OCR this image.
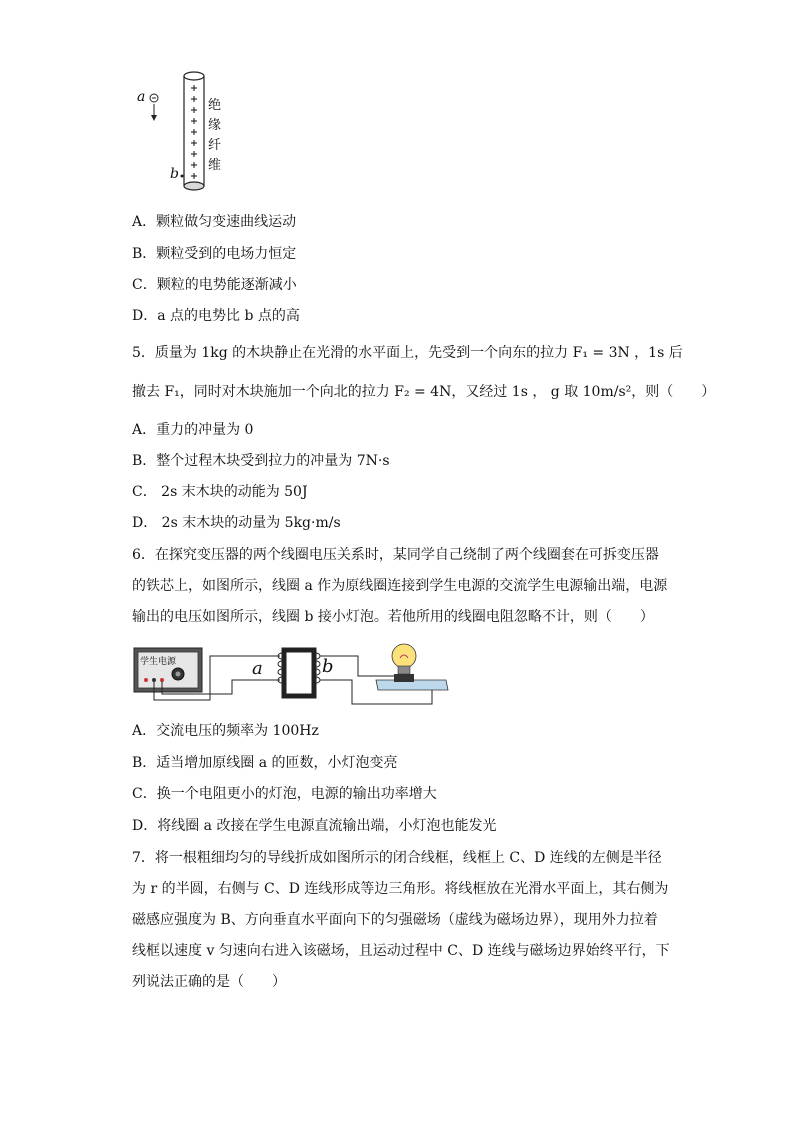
a
b
绝
缘
纤
维
A．颗粒做匀变速曲线运动
B．颗粒受到的电场力恒定
C．颗粒的电势能逐渐减小
D．a 点的电势比 b 点的高
5．质量为 1kg 的木块静止在光滑的水平面上，先受到一个向东的拉力 F₁ = 3N ，1s 后
撤去 F₁，同时对木块施加一个向北的拉力 F₂ = 4N，又经过 1s ， g 取 10m/s²，则（　　）
A．重力的冲量为 0
B．整个过程木块受到拉力的冲量为 7N·s
C． 2s 末木块的动能为 50J
D． 2s 末木块的动量为 5kg·m/s
6．在探究变压器的两个线圈电压关系时，某同学自己绕制了两个线圈套在可拆变压器
的铁芯上，如图所示，线圈 a 作为原线圈连接到学生电源的交流学生电源输出端，电源
输出的电压如图所示，线圈 b 接小灯泡。若他所用的线圈电阻忽略不计，则（　　）
学生电源	a	b
A．交流电压的频率为 100Hz
B．适当增加原线圈 a 的匝数，小灯泡变亮
C．换一个电阻更小的灯泡，电源的输出功率增大
D．将线圈 a 改接在学生电源直流输出端，小灯泡也能发光
7．将一根粗细均匀的导线折成如图所示的闭合线框，线框上 C、D 连线的左侧是半径
为 r 的半圆，右侧与 C、D 连线形成等边三角形。将线框放在光滑水平面上，其右侧为
磁感应强度为 B、方向垂直水平面向下的匀强磁场（虚线为磁场边界），现用外力拉着
线框以速度 v 匀速向右进入该磁场，且运动过程中 C、D 连线与磁场边界始终平行，下
列说法正确的是（　　）
